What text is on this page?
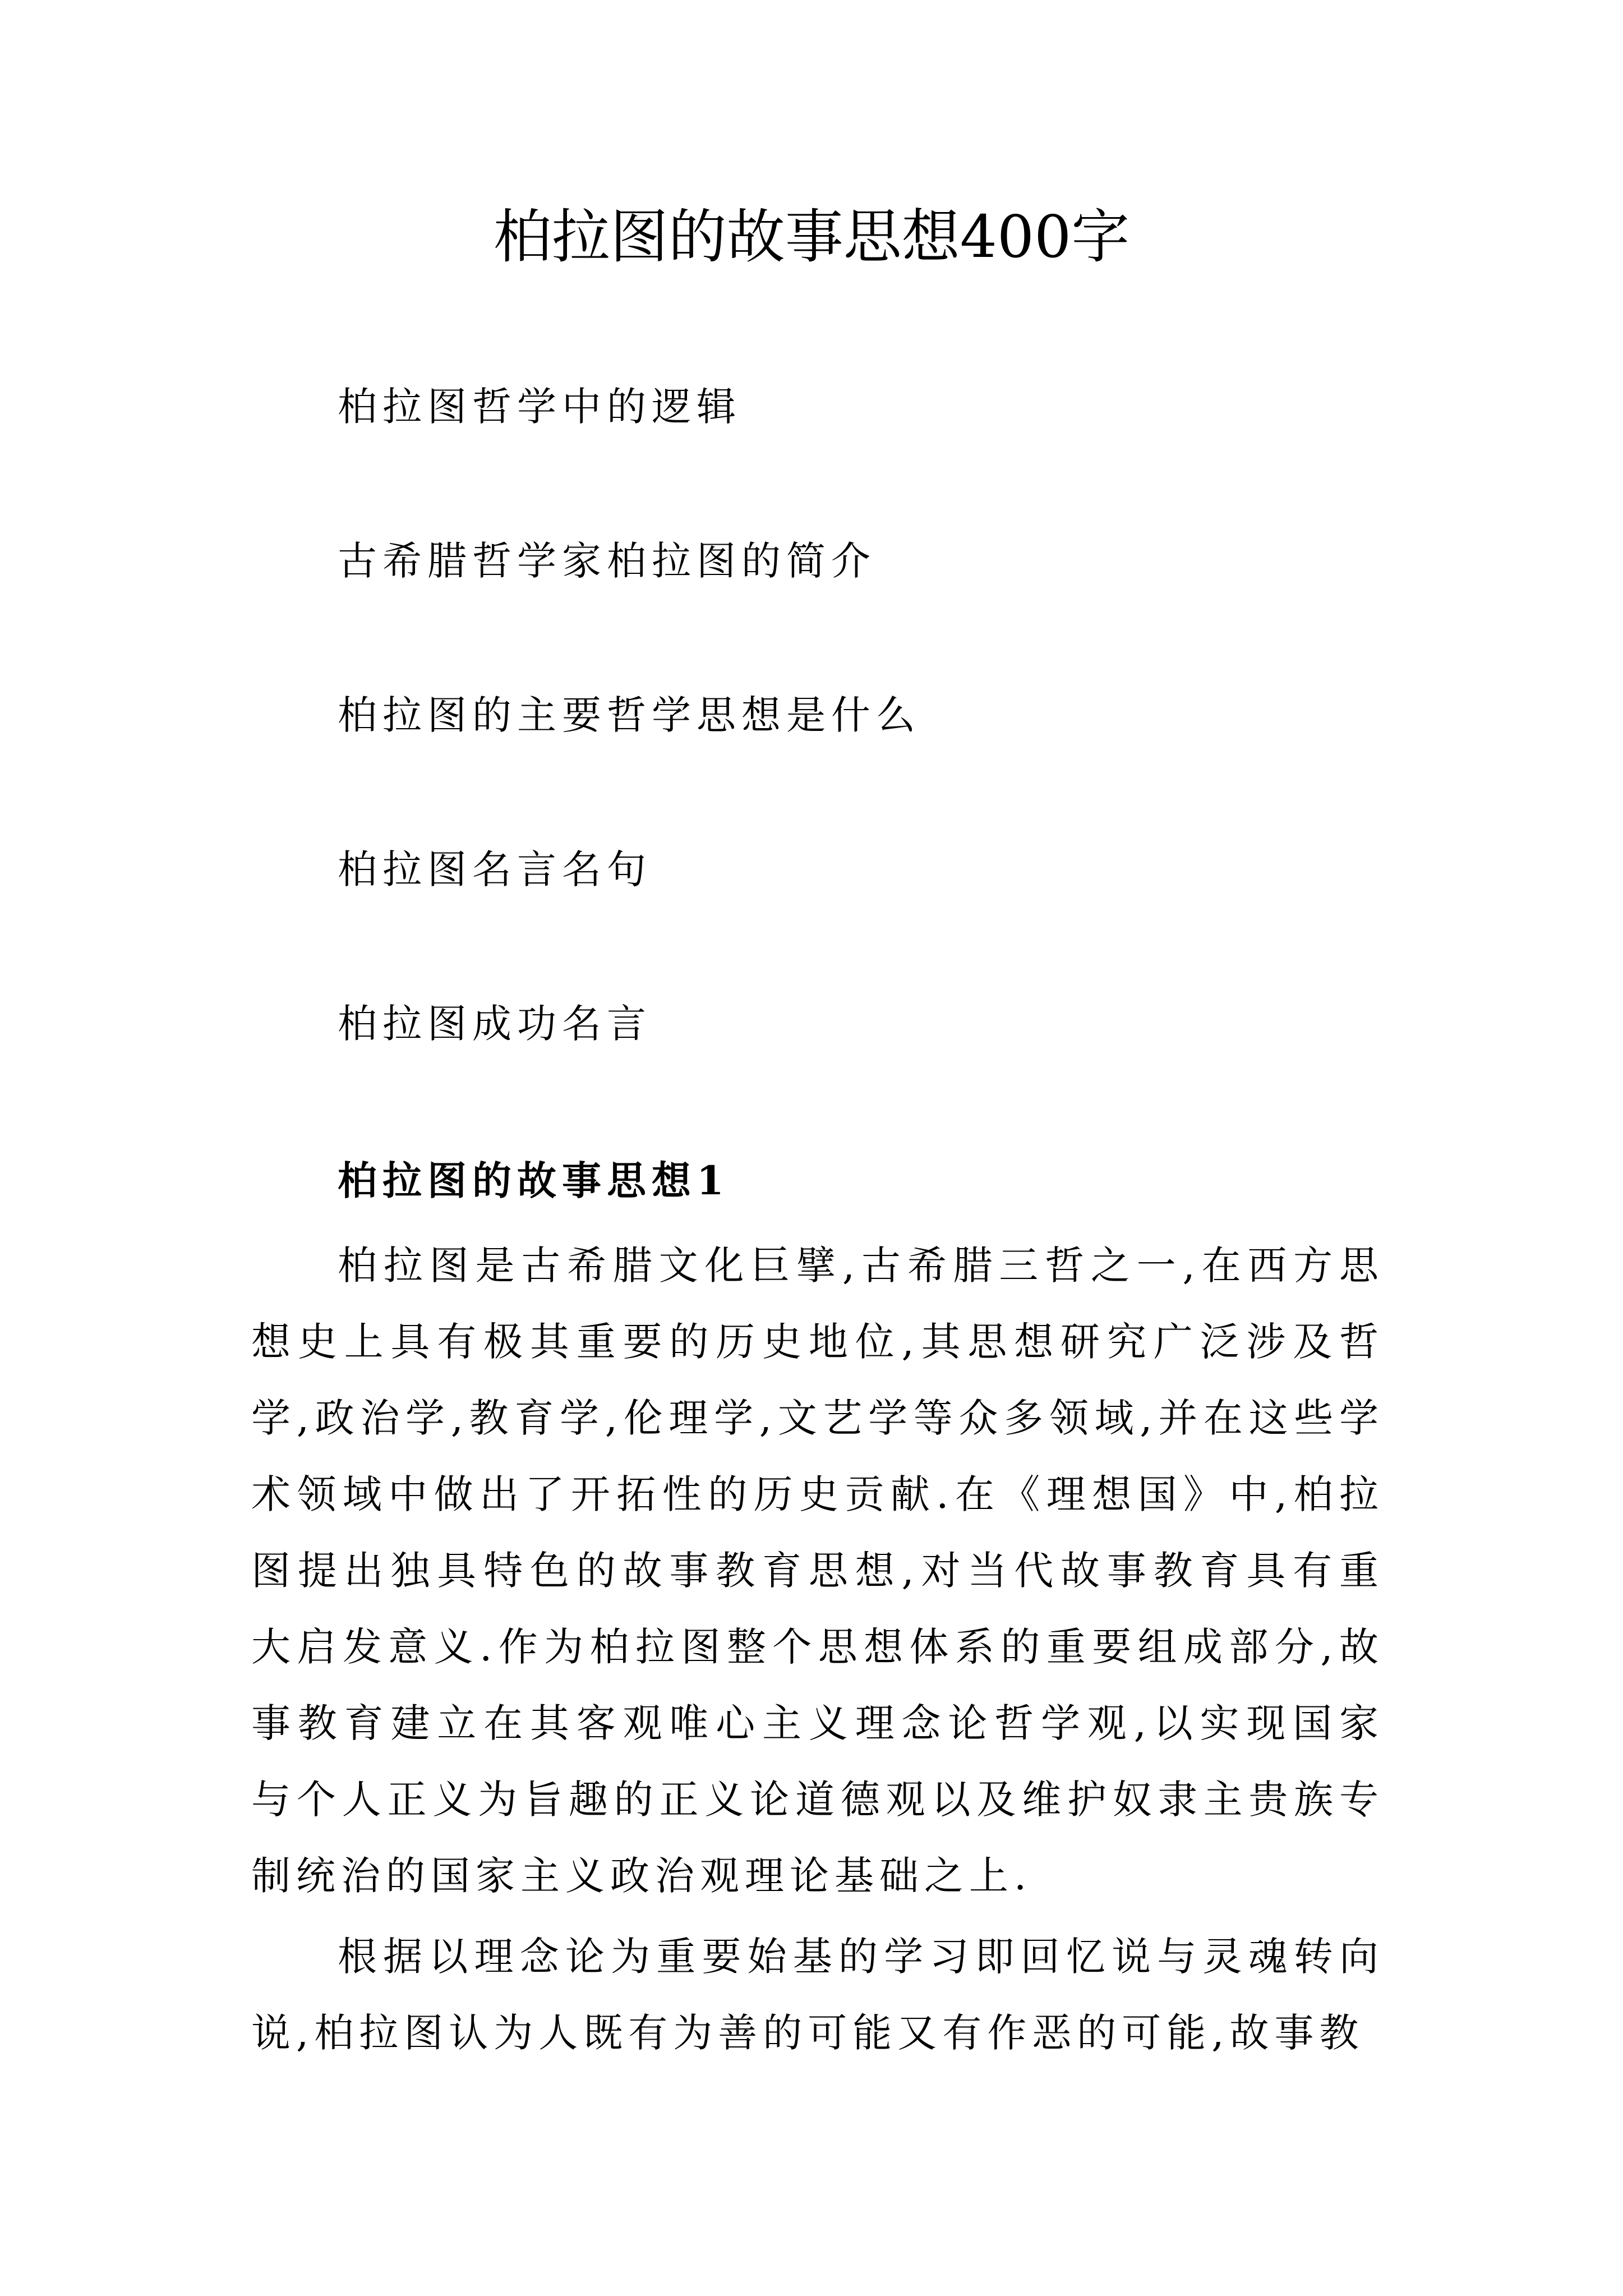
柏拉图的故事思想400字
柏拉图哲学中的逻辑
古希腊哲学家柏拉图的简介
柏拉图的主要哲学思想是什么
柏拉图名言名句
柏拉图成功名言
柏拉图的故事思想1

柏拉图是古希腊文化巨擘,古希腊三哲之一,在西方思想史上具有极其重要的历史地位,其思想研究广泛涉及哲学,政治学,教育学,伦理学,文艺学等众多领域,并在这些学术领域中做出了开拓性的历史贡献.在《理想国》中,柏拉图提出独具特色的故事教育思想,对当代故事教育具有重大启发意义.作为柏拉图整个思想体系的重要组成部分,故事教育建立在其客观唯心主义理念论哲学观,以实现国家与个人正义为旨趣的正义论道德观以及维护奴隶主贵族专制统治的国家主义政治观理论基础之上.

根据以理念论为重要始基的学习即回忆说与灵魂转向说,柏拉图认为人既有为善的可能又有作恶的可能,故事教
